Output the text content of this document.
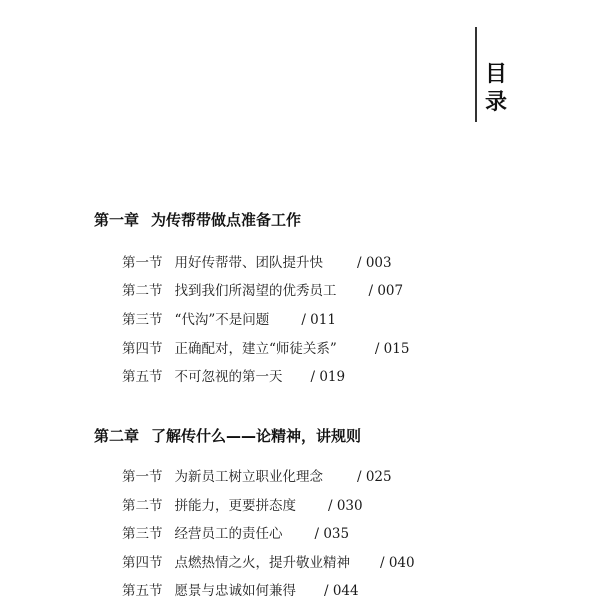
目
录
第一章 为传帮带做点准备工作
第一节 用好传帮带、团队提升快	/ 003
第二节 找到我们所渴望的优秀员工 / 007
第三节 “代沟”不是问题 / 011
第四节 正确配对，建立“师徒关系”	/ 015
第五节 不可忽视的第一天 / 019
第二章 了解传什么——论精神，讲规则
第一节 为新员工树立职业化理念	/ 025
第二节 拼能力，更要拼态度 / 030
第三节 经营员工的责任心 / 035
第四节 点燃热情之火，提升敬业精神 / 040
第五节 愿景与忠诚如何兼得 / 044
